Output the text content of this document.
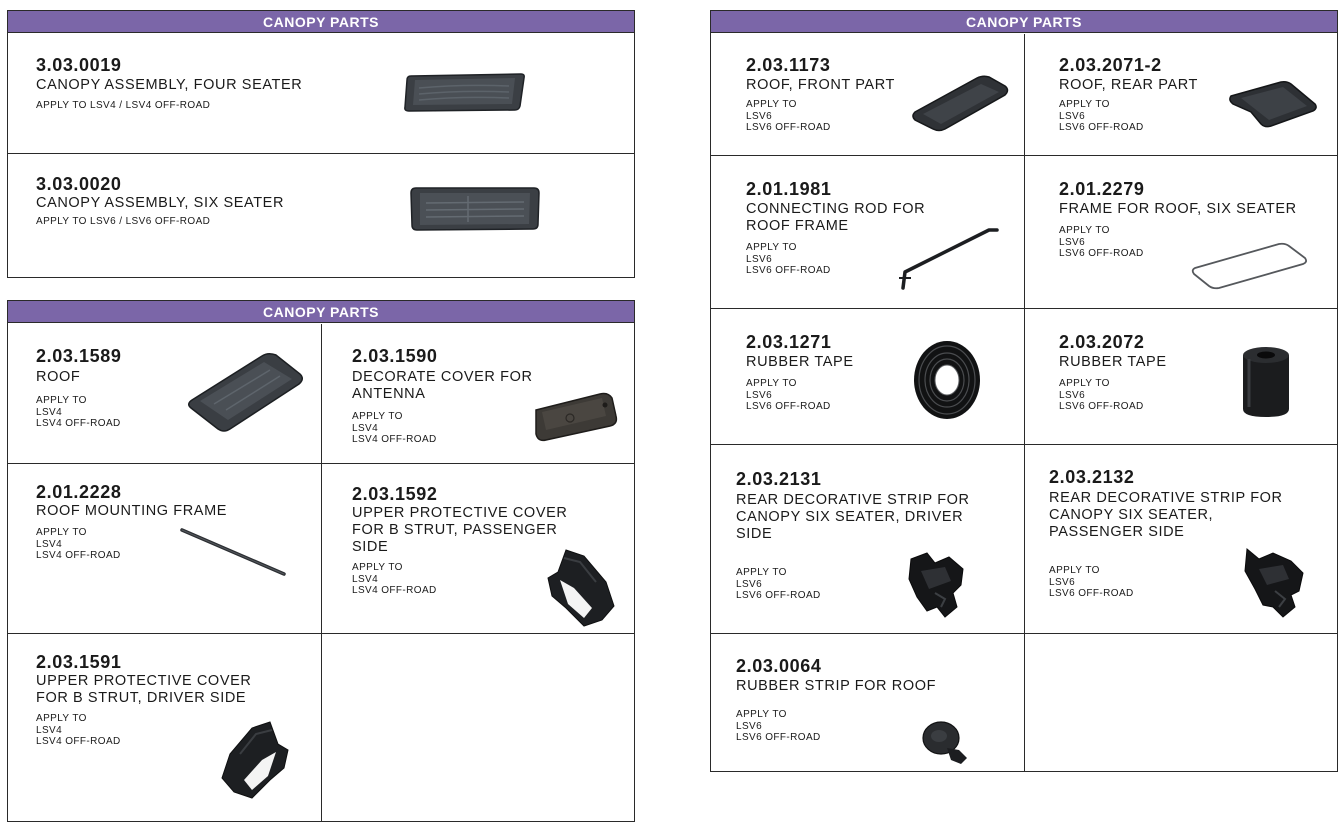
CANOPY PARTS
3.03.0019
CANOPY ASSEMBLY, FOUR SEATER
APPLY TO LSV4 / LSV4 OFF-ROAD
3.03.0020
CANOPY ASSEMBLY, SIX SEATER
APPLY TO LSV6 / LSV6 OFF-ROAD
CANOPY PARTS
2.03.1589
ROOF
APPLY TO
LSV4
LSV4 OFF-ROAD
2.03.1590
DECORATE COVER FOR
ANTENNA
APPLY TO
LSV4
LSV4 OFF-ROAD
2.01.2228
ROOF MOUNTING FRAME
APPLY TO
LSV4
LSV4 OFF-ROAD
2.03.1592
UPPER PROTECTIVE COVER
FOR B STRUT, PASSENGER
SIDE
APPLY TO
LSV4
LSV4 OFF-ROAD
2.03.1591
UPPER PROTECTIVE COVER
FOR B STRUT, DRIVER SIDE
APPLY TO
LSV4
LSV4 OFF-ROAD
CANOPY PARTS
2.03.1173
ROOF, FRONT PART
APPLY TO
LSV6
LSV6 OFF-ROAD
2.03.2071-2
ROOF, REAR PART
APPLY TO
LSV6
LSV6 OFF-ROAD
2.01.1981
CONNECTING ROD FOR
ROOF FRAME
APPLY TO
LSV6
LSV6 OFF-ROAD
2.01.2279
FRAME FOR ROOF, SIX SEATER
APPLY TO
LSV6
LSV6 OFF-ROAD
2.03.1271
RUBBER TAPE
APPLY TO
LSV6
LSV6 OFF-ROAD
2.03.2072
RUBBER TAPE
APPLY TO
LSV6
LSV6 OFF-ROAD
2.03.2131
REAR DECORATIVE STRIP FOR
CANOPY SIX SEATER, DRIVER
SIDE
APPLY TO
LSV6
LSV6 OFF-ROAD
2.03.2132
REAR DECORATIVE STRIP FOR
CANOPY SIX SEATER,
PASSENGER SIDE
APPLY TO
LSV6
LSV6 OFF-ROAD
2.03.0064
RUBBER STRIP FOR ROOF
APPLY TO
LSV6
LSV6 OFF-ROAD
